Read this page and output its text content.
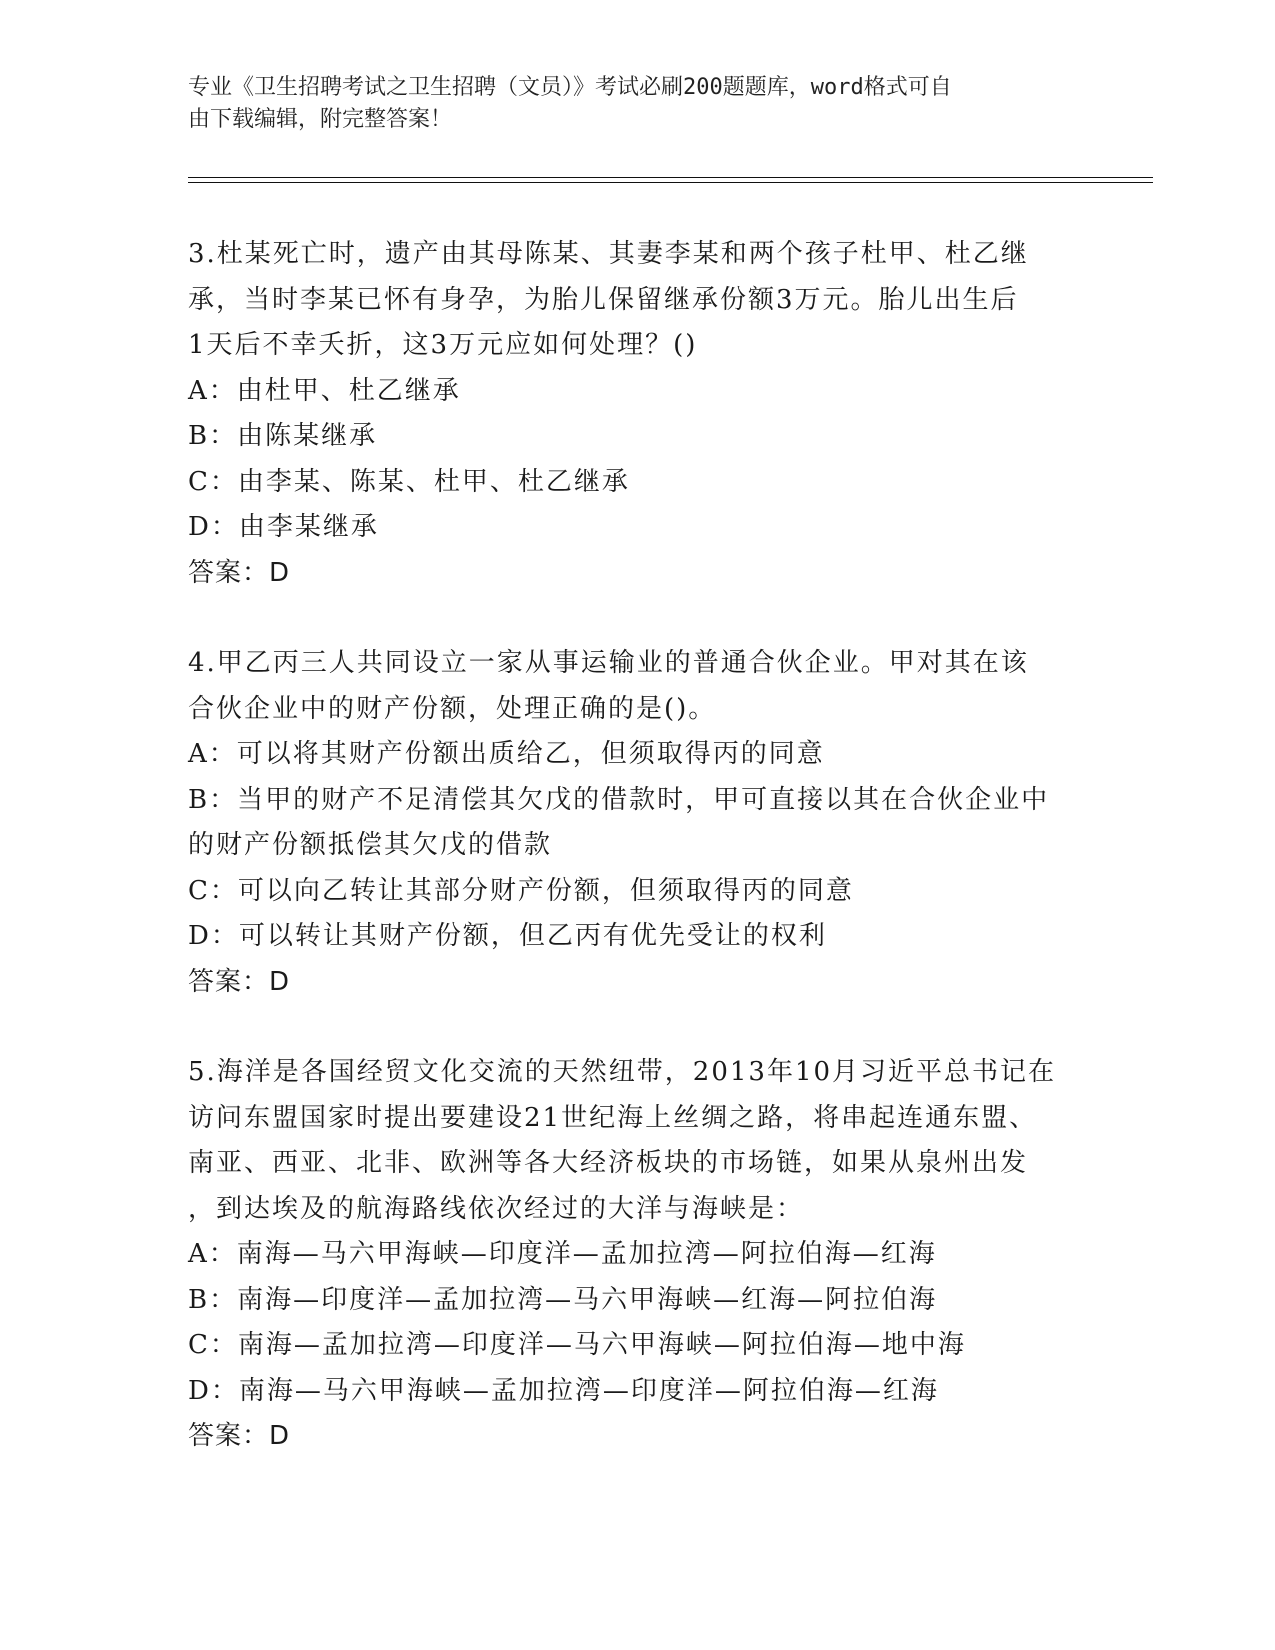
专业《卫生招聘考试之卫生招聘（文员）》考试必刷200题题库，word格式可自
由下载编辑，附完整答案！
3.杜某死亡时，遗产由其母陈某、其妻李某和两个孩子杜甲、杜乙继
承，当时李某已怀有身孕，为胎儿保留继承份额3万元。胎儿出生后
1天后不幸夭折，这3万元应如何处理？()
A：由杜甲、杜乙继承
B：由陈某继承
C：由李某、陈某、杜甲、杜乙继承
D：由李某继承
答案：D
4.甲乙丙三人共同设立一家从事运输业的普通合伙企业。甲对其在该
合伙企业中的财产份额，处理正确的是()。
A：可以将其财产份额出质给乙，但须取得丙的同意
B：当甲的财产不足清偿其欠戊的借款时，甲可直接以其在合伙企业中
的财产份额抵偿其欠戊的借款
C：可以向乙转让其部分财产份额，但须取得丙的同意
D：可以转让其财产份额，但乙丙有优先受让的权利
答案：D
5.海洋是各国经贸文化交流的天然纽带，2013年10月习近平总书记在
访问东盟国家时提出要建设21世纪海上丝绸之路，将串起连通东盟、
南亚、西亚、北非、欧洲等各大经济板块的市场链，如果从泉州出发
，到达埃及的航海路线依次经过的大洋与海峡是：
A：南海—马六甲海峡—印度洋—孟加拉湾—阿拉伯海—红海
B：南海—印度洋—孟加拉湾—马六甲海峡—红海—阿拉伯海
C：南海—孟加拉湾—印度洋—马六甲海峡—阿拉伯海—地中海
D：南海—马六甲海峡—孟加拉湾—印度洋—阿拉伯海—红海
答案：D
